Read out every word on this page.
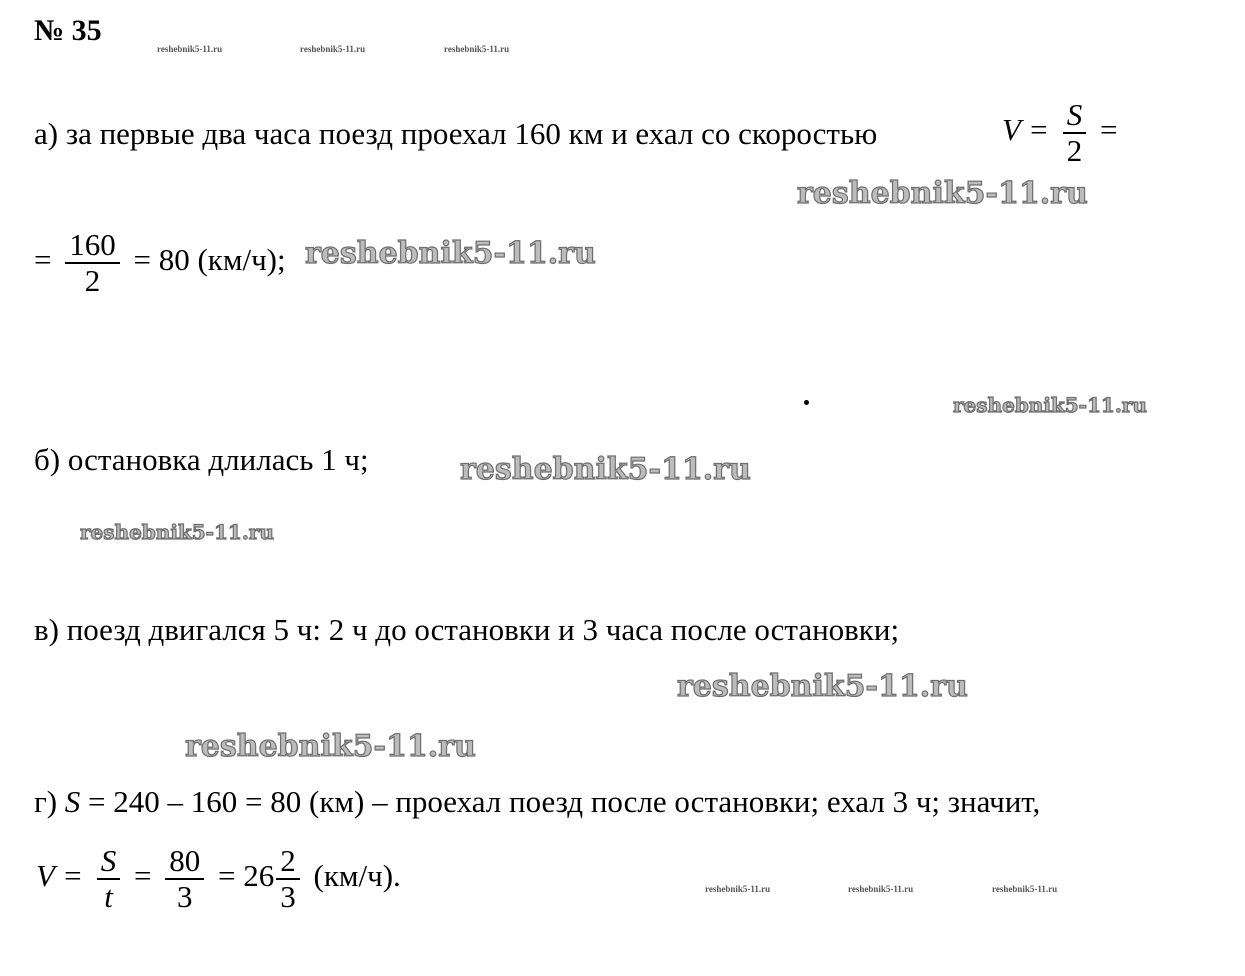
№ 35
reshebnik5-11.ru	reshebnik5-11.ru	reshebnik5-11.ru
а) за первые два часа поезд проехал 160 км и ехал со скоростью	$V = \frac{S}{2}$ =
reshebnik5-11.ru
= $\frac{160}{2} = 80$ (км/ч); reshebnik5-11.ru
reshebnik5-11.ru
б) остановка длилась 1 ч;	reshebnik5-11.ru
reshebnik5-11.ru
в) поезд двигался 5 ч: 2 ч до остановки и 3 часа после остановки;
reshebnik5-11.ru
reshebnik5-11.ru
г) S = 240 – 160 = 80 (км) – проехал поезд после остановки; ехал 3 ч; значит,
$V = \frac{S}{t} = \frac{80}{3} = 26 \frac{2}{3} (км/ч)$.	reshebnik5-11.ru	reshebnik5-11.ru	reshebnik5-11.ru
